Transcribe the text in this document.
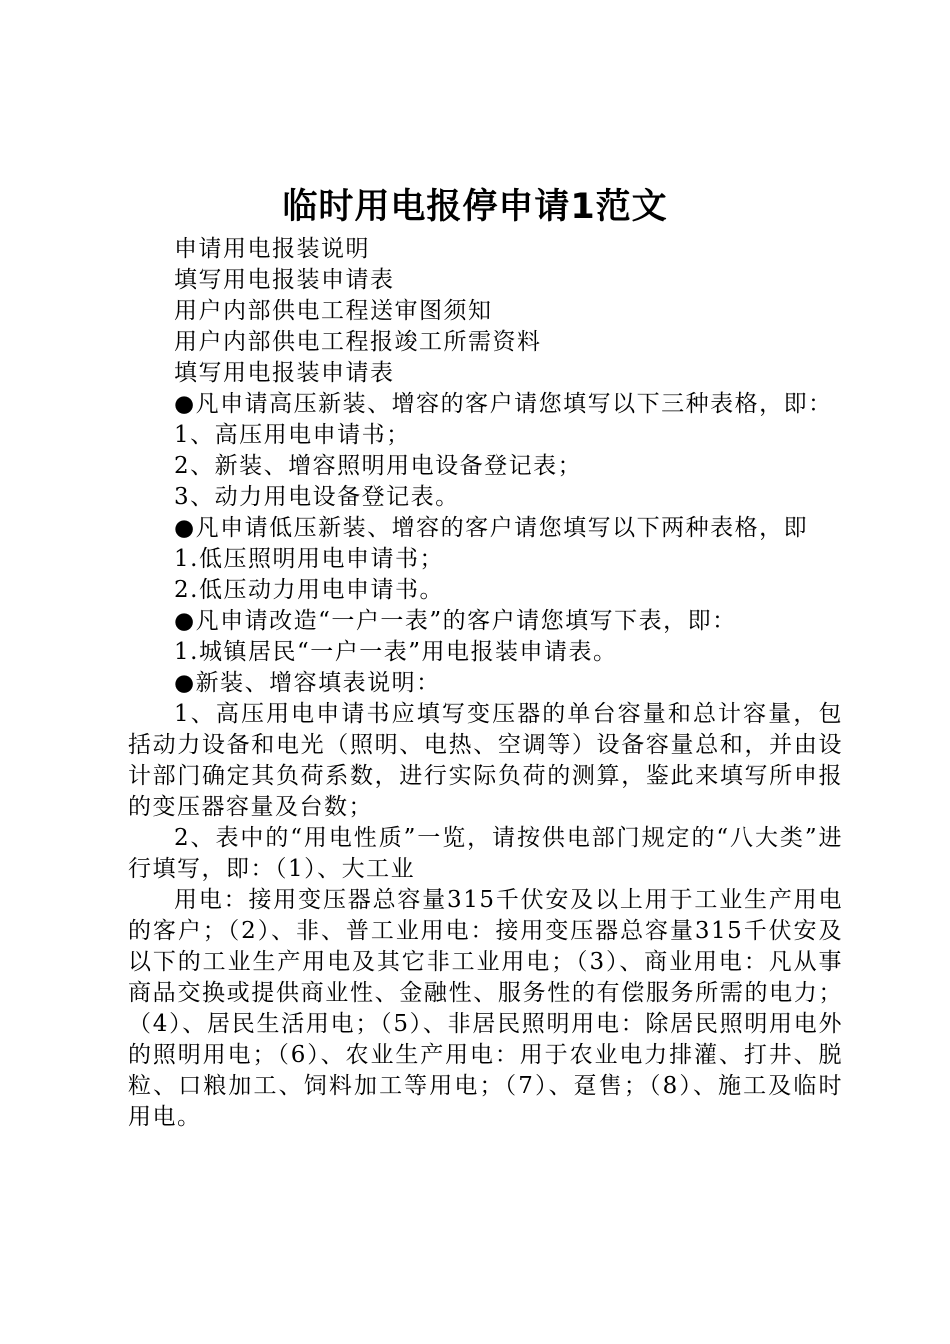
临时用电报停申请1范文

申请用电报装说明

填写用电报装申请表

用户内部供电工程送审图须知

用户内部供电工程报竣工所需资料

填写用电报装申请表

●凡申请高压新装、增容的客户请您填写以下三种表格，即：

1、高压用电申请书；

2、新装、增容照明用电设备登记表；

3、动力用电设备登记表。

●凡申请低压新装、增容的客户请您填写以下两种表格，即

1.低压照明用电申请书；

2.低压动力用电申请书。

●凡申请改造“一户一表”的客户请您填写下表，即：

1.城镇居民“一户一表”用电报装申请表。

●新装、增容填表说明：

1、高压用电申请书应填写变压器的单台容量和总计容量，包括动力设备和电光（照明、电热、空调等）设备容量总和，并由设计部门确定其负荷系数，进行实际负荷的测算，鉴此来填写所申报的变压器容量及台数；

2、表中的“用电性质”一览，请按供电部门规定的“八大类”进行填写，即：（1）、大工业

用电：接用变压器总容量315千伏安及以上用于工业生产用电的客户；（2）、非、普工业用电：接用变压器总容量315千伏安及以下的工业生产用电及其它非工业用电；（3）、商业用电：凡从事商品交换或提供商业性、金融性、服务性的有偿服务所需的电力；（4）、居民生活用电；（5）、非居民照明用电：除居民照明用电外的照明用电；（6）、农业生产用电：用于农业电力排灌、打井、脱粒、口粮加工、饲料加工等用电；（7）、趸售；（8）、施工及临时用电。
